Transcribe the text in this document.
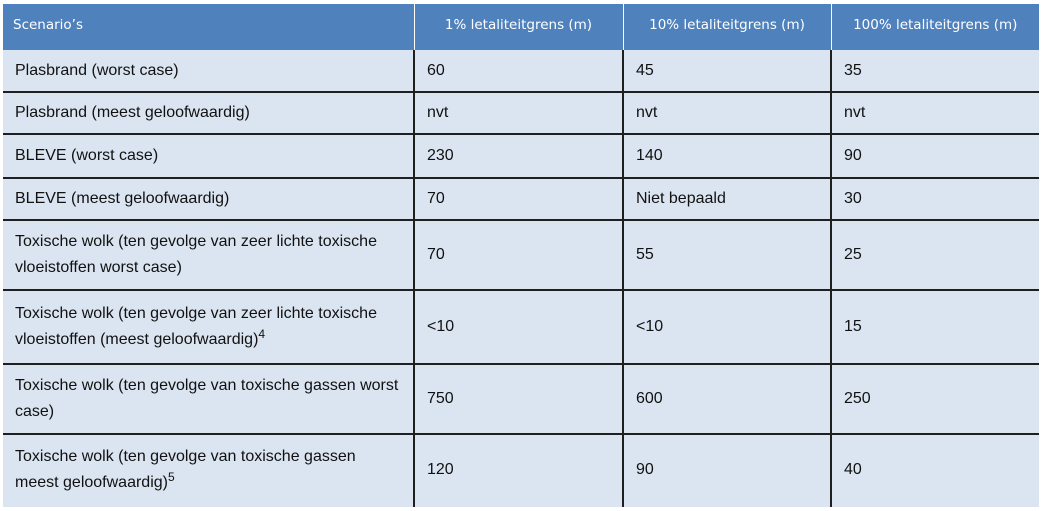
Scenario’s	1% letaliteitgrens (m)	10% letaliteitgrens (m)	100% letaliteitgrens (m)
Plasbrand (worst case)	60	45	35
Plasbrand (meest geloofwaardig)	nvt	nvt	nvt
BLEVE (worst case)	230	140	90
BLEVE (meest geloofwaardig)	70	Niet bepaald	30
Toxische wolk (ten gevolge van zeer lichte toxische vloeistoffen worst case)	70	55	25
Toxische wolk (ten gevolge van zeer lichte toxische vloeistoffen (meest geloofwaardig)$^4$	<10	<10	15
Toxische wolk (ten gevolge van toxische gassen worst case)	750	600	250
Toxische wolk (ten gevolge van toxische gassen meest geloofwaardig)$^5$	120	90	40
